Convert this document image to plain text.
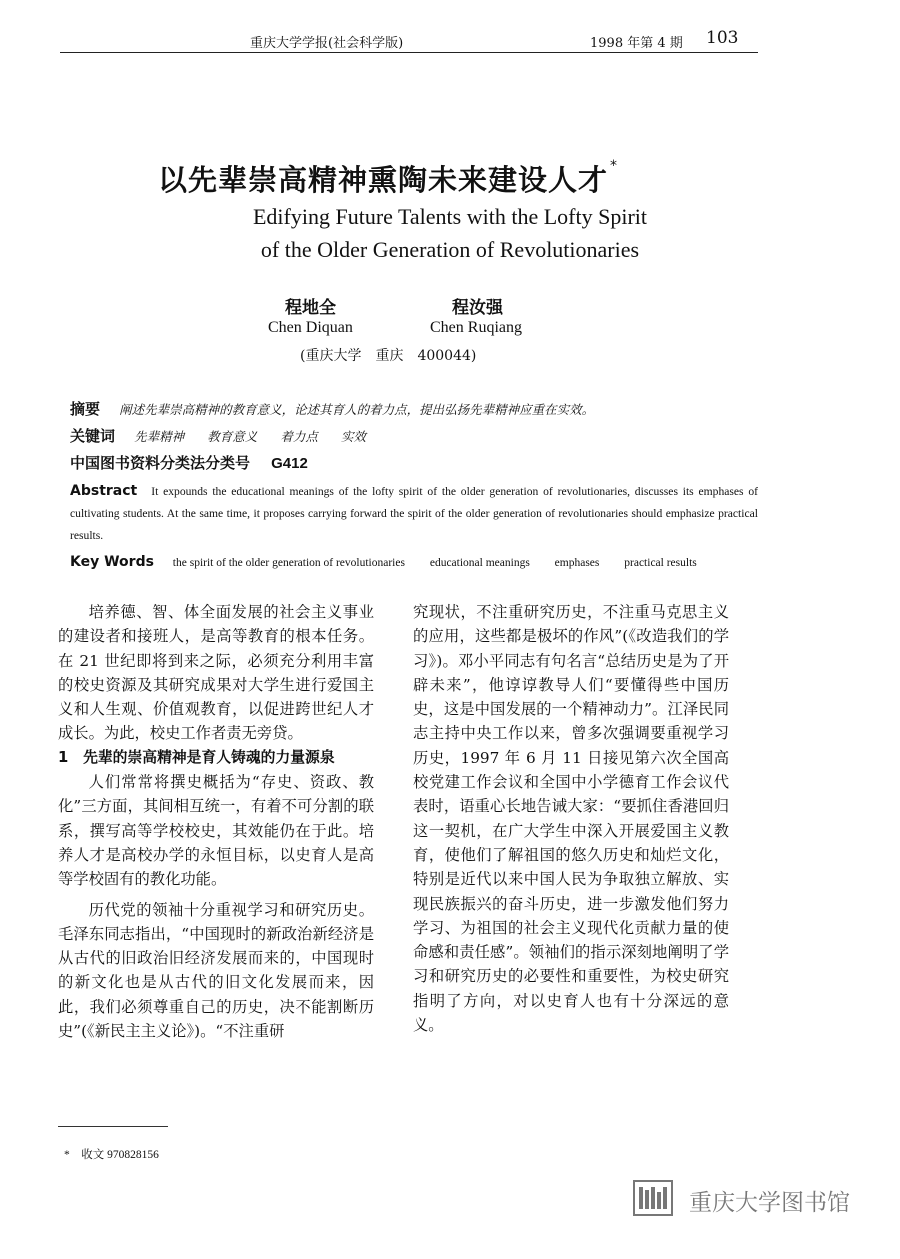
重庆大学学报(社会科学版)	1998 年第 4 期 103
以先辈崇高精神熏陶未来建设人才 *
Edifying Future Talents with the Lofty Spirit
of the Older Generation of Revolutionaries
程地全	程汝强
Chen Diquan	Chen Ruqiang
(重庆大学　重庆　400044)
摘要 阐述先辈崇高精神的教育意义，论述其育人的着力点，提出弘扬先辈精神应重在实效。
关键词 先辈精神 教育意义 着力点 实效
中国图书资料分类法分类号 G412
Abstract It expounds the educational meanings of the lofty spirit of the older generation of revolutionaries, discusses its emphases of cultivating students. At the same time, it proposes carrying forward the spirit of the older generation of revolutionaries should emphasize practical results.
Key Words the spirit of the older generation of revolutionaries educational meanings emphases practical results

培养德、智、体全面发展的社会主义事业的建设者和接班人，是高等教育的根本任务。在 21 世纪即将到来之际，必须充分利用丰富的校史资源及其研究成果对大学生进行爱国主义和人生观、价值观教育，以促进跨世纪人才成长。为此，校史工作者责无旁贷。

1　先辈的崇高精神是育人铸魂的力量源泉

人们常常将撰史概括为“存史、资政、教化”三方面，其间相互统一，有着不可分割的联系，撰写高等学校校史，其效能仍在于此。培养人才是高校办学的永恒目标，以史育人是高等学校固有的教化功能。

历代党的领袖十分重视学习和研究历史。毛泽东同志指出，“中国现时的新政治新经济是从古代的旧政治旧经济发展而来的，中国现时的新文化也是从古代的旧文化发展而来，因此，我们必须尊重自己的历史，决不能割断历史”(《新民主主义论》)。“不注重研

究现状，不注重研究历史，不注重马克思主义的应用，这些都是极坏的作风”(《改造我们的学习》)。邓小平同志有句名言“总结历史是为了开辟未来”，他谆谆教导人们“要懂得些中国历史，这是中国发展的一个精神动力”。江泽民同志主持中央工作以来，曾多次强调要重视学习历史，1997 年 6 月 11 日接见第六次全国高校党建工作会议和全国中小学德育工作会议代表时，语重心长地告诫大家：“要抓住香港回归这一契机，在广大学生中深入开展爱国主义教育，使他们了解祖国的悠久历史和灿烂文化，特别是近代以来中国人民为争取独立解放、实现民族振兴的奋斗历史，进一步激发他们努力学习、为祖国的社会主义现代化贡献力量的使命感和责任感”。领袖们的指示深刻地阐明了学习和研究历史的必要性和重要性，为校史研究指明了方向，对以史育人也有十分深远的意义。

*　收文 970828156
重庆大学图书馆
